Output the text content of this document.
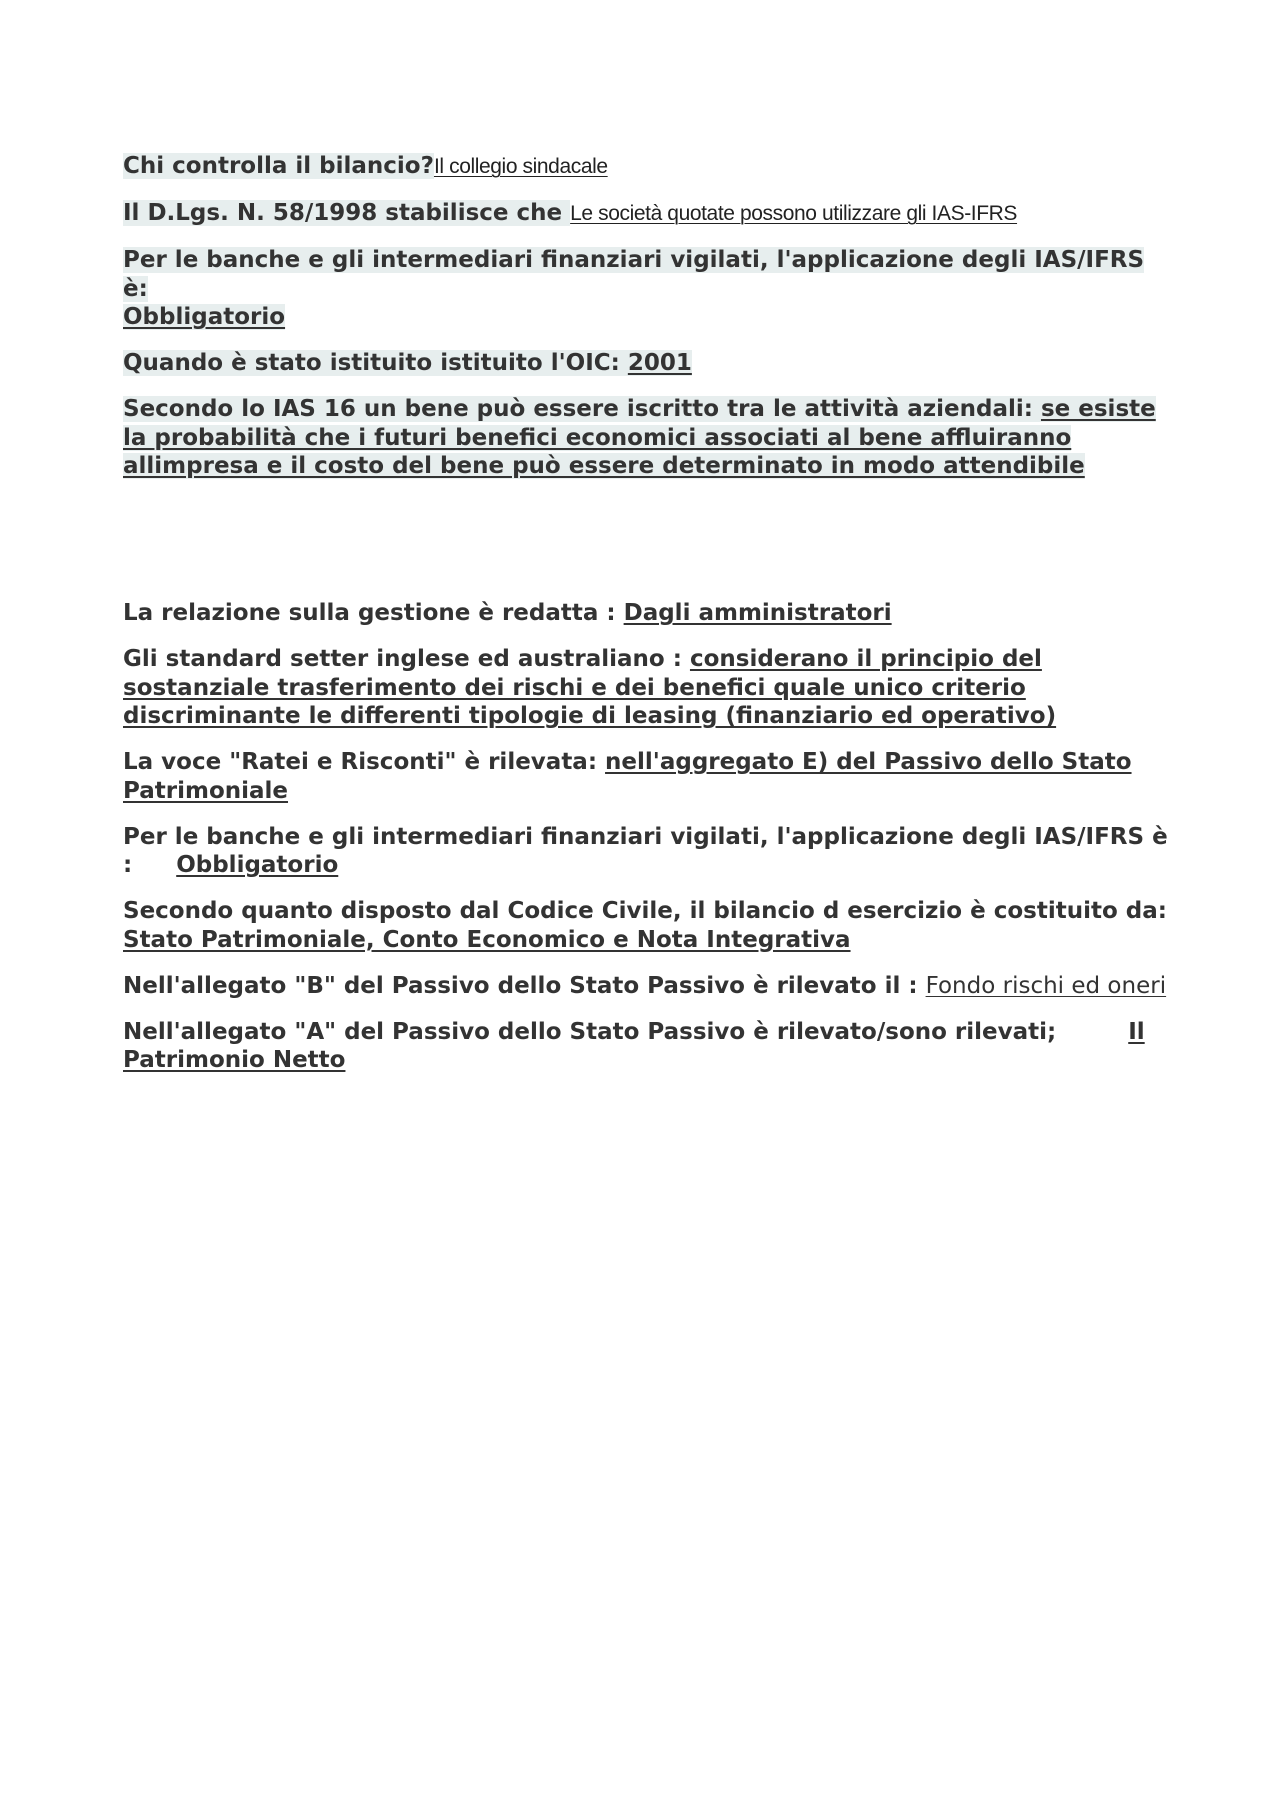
Chi controlla il bilancio?Il collegio sindacale

Il D.Lgs. N. 58/1998 stabilisce che Le società quotate possono utilizzare gli IAS-IFRS

Per le banche e gli intermediari finanziari vigilati, l'applicazione degli IAS/IFRS è:
Obbligatorio

Quando è stato istituito istituito l'OIC: 2001

Secondo lo IAS 16 un bene può essere iscritto tra le attività aziendali: se esiste la probabilità che i futuri benefici economici associati al bene affluiranno allimpresa e il costo del bene può essere determinato in modo attendibile

La relazione sulla gestione è redatta : Dagli amministratori

Gli standard setter inglese ed australiano : considerano il principio del sostanziale trasferimento dei rischi e dei benefici quale unico criterio discriminante le differenti tipologie di leasing (finanziario ed operativo)

La voce "Ratei e Risconti" è rilevata: nell'aggregato E) del Passivo dello Stato Patrimoniale

Per le banche e gli intermediari finanziari vigilati, l'applicazione degli IAS/IFRS è : Obbligatorio

Secondo quanto disposto dal Codice Civile, il bilancio d esercizio è costituito da:
Stato Patrimoniale, Conto Economico e Nota Integrativa

Nell'allegato "B" del Passivo dello Stato Passivo è rilevato il : Fondo rischi ed oneri

Nell'allegato "A" del Passivo dello Stato Passivo è rilevato/sono rilevati;	Il Patrimonio Netto
